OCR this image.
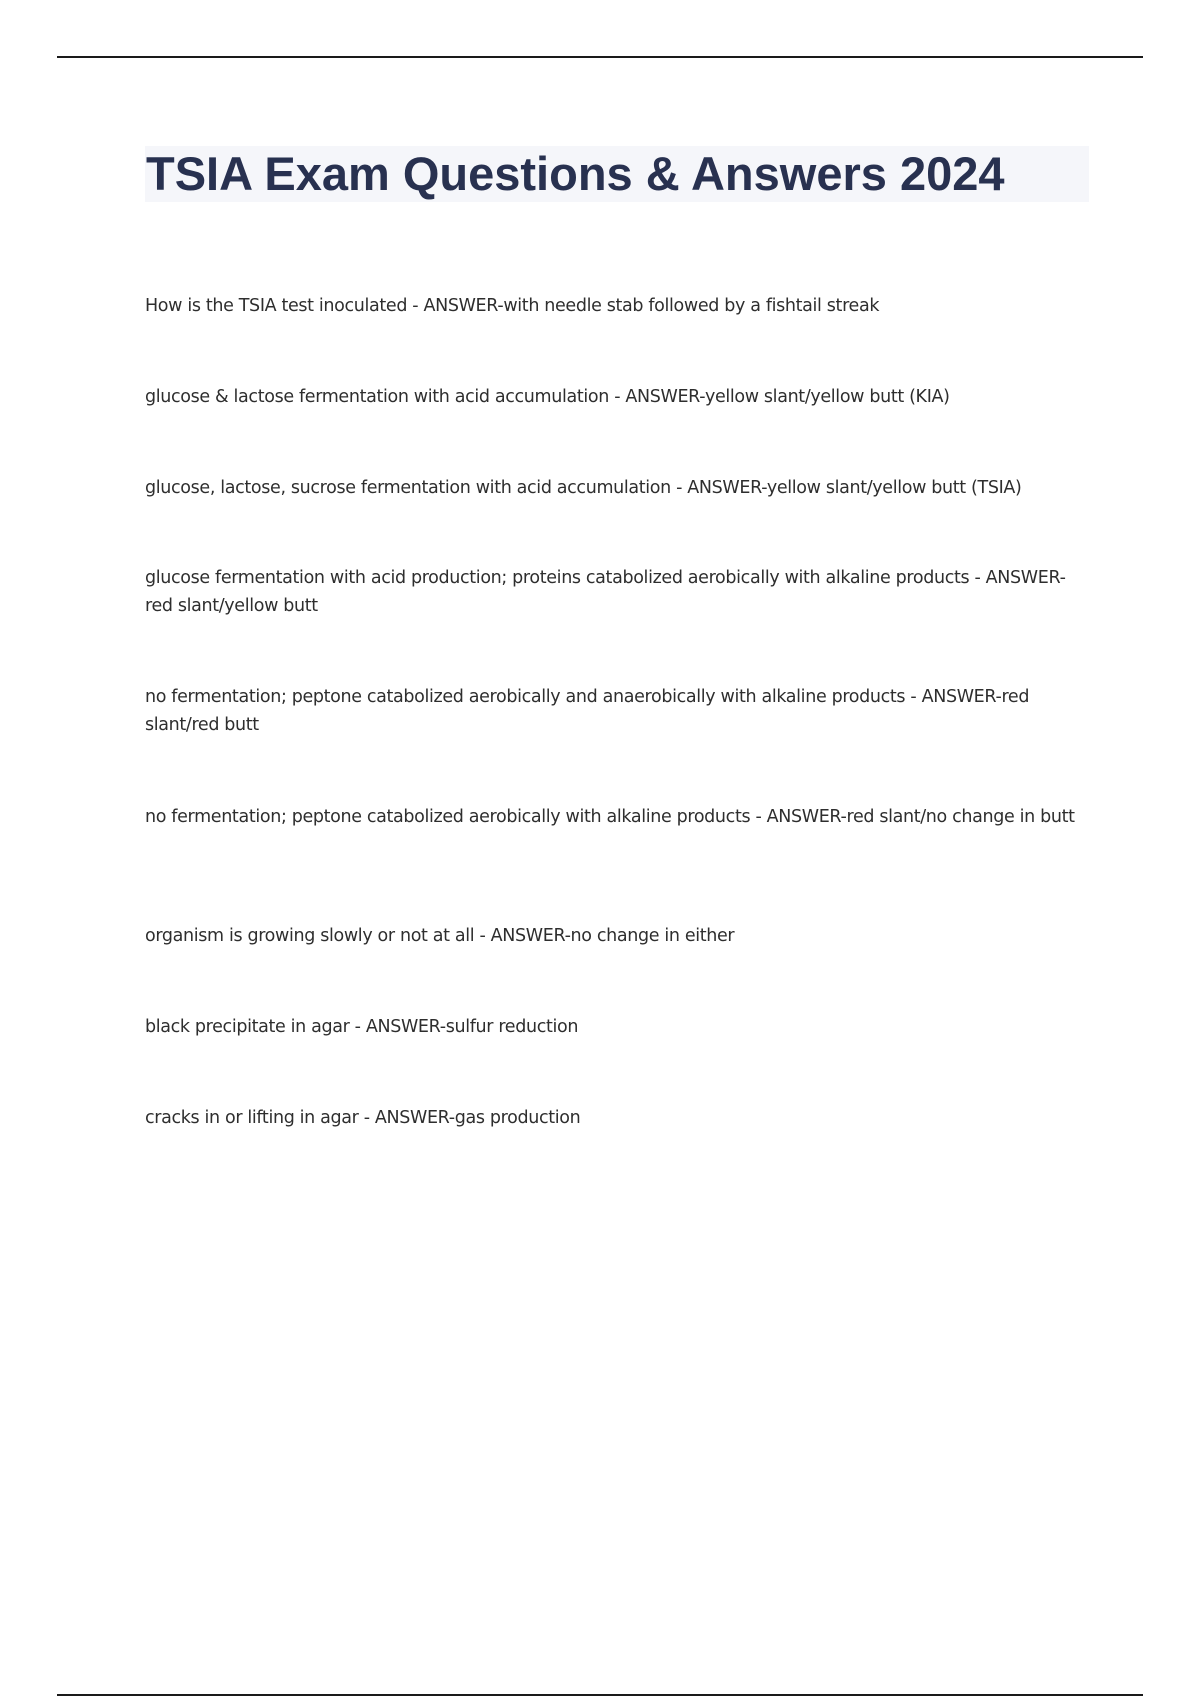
TSIA Exam Questions & Answers 2024

How is the TSIA test inoculated - ANSWER-with needle stab followed by a fishtail streak

glucose & lactose fermentation with acid accumulation - ANSWER-yellow slant/yellow butt (KIA)

glucose, lactose, sucrose fermentation with acid accumulation - ANSWER-yellow slant/yellow butt (TSIA)

glucose fermentation with acid production; proteins catabolized aerobically with alkaline products - ANSWER-red slant/yellow butt

no fermentation; peptone catabolized aerobically and anaerobically with alkaline products - ANSWER-red slant/red butt

no fermentation; peptone catabolized aerobically with alkaline products - ANSWER-red slant/no change in butt

organism is growing slowly or not at all - ANSWER-no change in either

black precipitate in agar - ANSWER-sulfur reduction

cracks in or lifting in agar - ANSWER-gas production
